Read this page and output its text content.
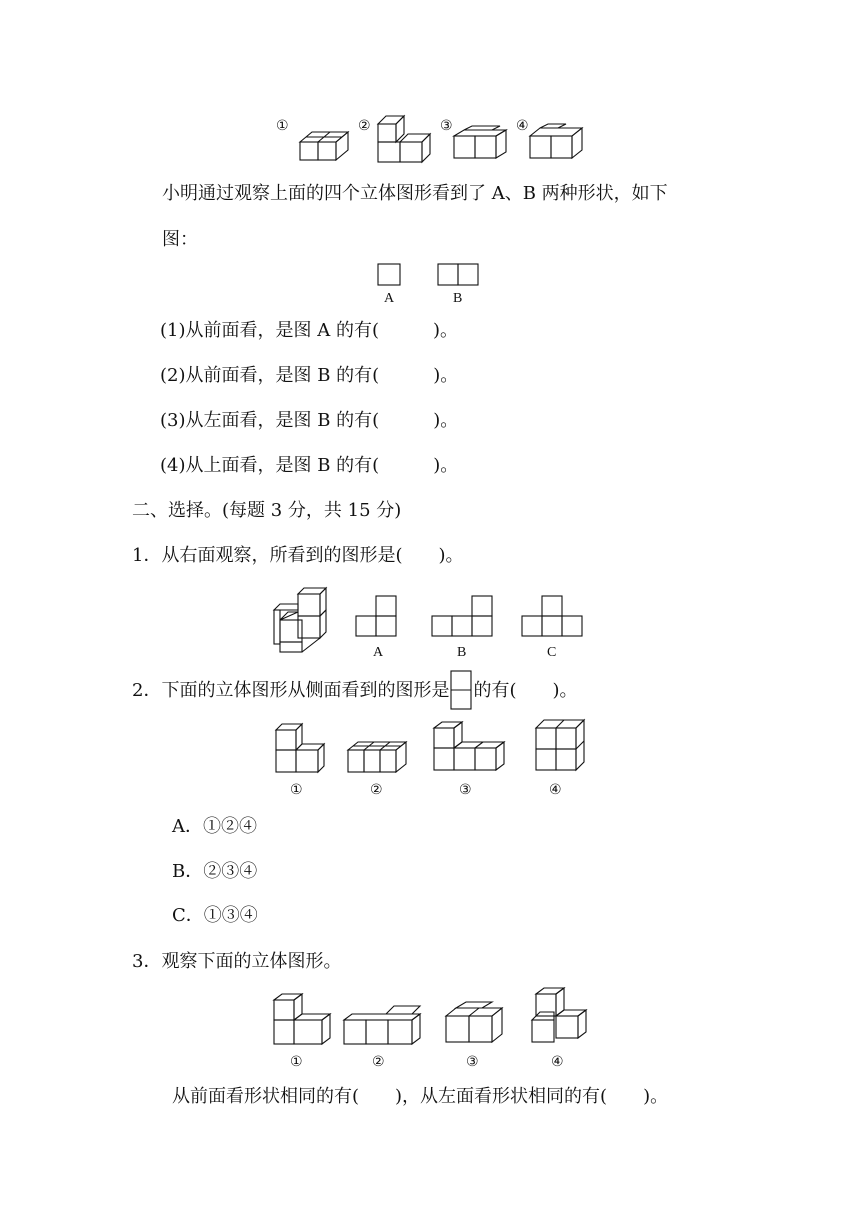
①	②	③	④
小明通过观察上面的四个立体图形看到了 A、B 两种形状，如下
图：
A	B
(1)从前面看，是图 A 的有(　　　)。
(2)从前面看，是图 B 的有(　　　)。
(3)从左面看，是图 B 的有(　　　)。
(4)从上面看，是图 B 的有(　　　)。
二、选择。(每题 3 分，共 15 分)
1．从右面观察，所看到的图形是(　　)。
A	B	C
2．下面的立体图形从侧面看到的图形是 的有(　　)。
①	②	③	④
A．①②④
B．②③④
C．①③④
3．观察下面的立体图形。
①	②	③	④
从前面看形状相同的有(　　)，从左面看形状相同的有(　　)。
